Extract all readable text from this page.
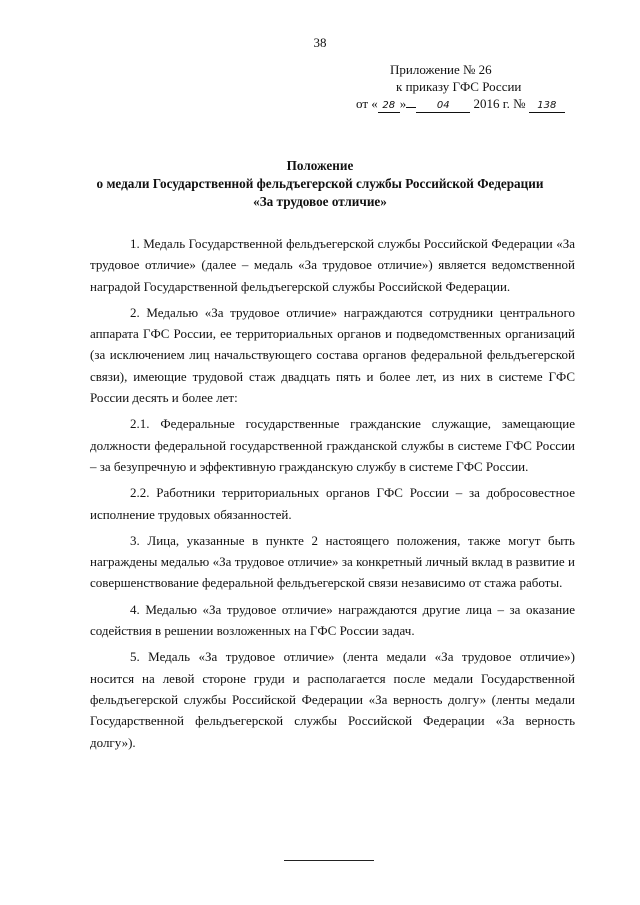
38
Приложение № 26
к приказу ГФС России
от « 28 »	04 2016 г. № 138
Положение
о медали Государственной фельдъегерской службы Российской Федерации
«За трудовое отличие»

1. Медаль Государственной фельдъегерской службы Российской Федерации «За трудовое отличие» (далее – медаль «За трудовое отличие») является ведомственной наградой Государственной фельдъегерской службы Российской Федерации.

2. Медалью «За трудовое отличие» награждаются сотрудники центрального аппарата ГФС России, ее территориальных органов и подведомственных организаций (за исключением лиц начальствующего состава органов федеральной фельдъегерской связи), имеющие трудовой стаж двадцать пять и более лет, из них в системе ГФС России десять и более лет:

2.1. Федеральные государственные гражданские служащие, замещающие должности федеральной государственной гражданской службы в системе ГФС России – за безупречную и эффективную гражданскую службу в системе ГФС России.

2.2. Работники территориальных органов ГФС России – за добросовестное исполнение трудовых обязанностей.

3. Лица, указанные в пункте 2 настоящего положения, также могут быть награждены медалью «За трудовое отличие» за конкретный личный вклад в развитие и совершенствование федеральной фельдъегерской связи независимо от стажа работы.

4. Медалью «За трудовое отличие» награждаются другие лица – за оказание содействия в решении возложенных на ГФС России задач.

5. Медаль «За трудовое отличие» (лента медали «За трудовое отличие») носится на левой стороне груди и располагается после медали Государственной фельдъегерской службы Российской Федерации «За верность долгу» (ленты медали Государственной фельдъегерской службы Российской Федерации «За верность долгу»).
